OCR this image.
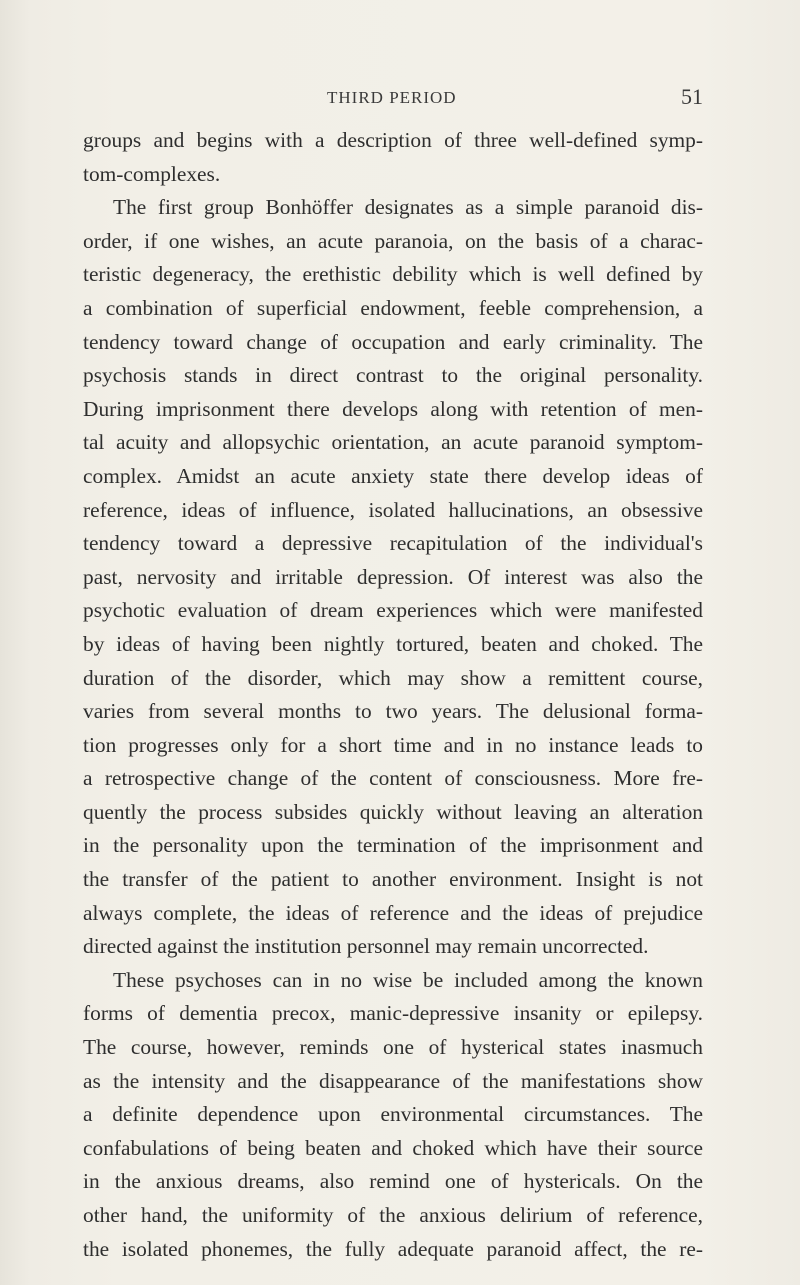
THIRD PERIOD	51
groups and begins with a description of three well-defined symp-
tom-complexes.
The first group Bonhöffer designates as a simple paranoid dis-
order, if one wishes, an acute paranoia, on the basis of a charac-
teristic degeneracy, the erethistic debility which is well defined by
a combination of superficial endowment, feeble comprehension, a
tendency toward change of occupation and early criminality. The
psychosis stands in direct contrast to the original personality.
During imprisonment there develops along with retention of men-
tal acuity and allopsychic orientation, an acute paranoid symptom-
complex. Amidst an acute anxiety state there develop ideas of
reference, ideas of influence, isolated hallucinations, an obsessive
tendency toward a depressive recapitulation of the individual's
past, nervosity and irritable depression. Of interest was also the
psychotic evaluation of dream experiences which were manifested
by ideas of having been nightly tortured, beaten and choked. The
duration of the disorder, which may show a remittent course,
varies from several months to two years. The delusional forma-
tion progresses only for a short time and in no instance leads to
a retrospective change of the content of consciousness. More fre-
quently the process subsides quickly without leaving an alteration
in the personality upon the termination of the imprisonment and
the transfer of the patient to another environment. Insight is not
always complete, the ideas of reference and the ideas of prejudice
directed against the institution personnel may remain uncorrected.
These psychoses can in no wise be included among the known
forms of dementia precox, manic-depressive insanity or epilepsy.
The course, however, reminds one of hysterical states inasmuch
as the intensity and the disappearance of the manifestations show
a definite dependence upon environmental circumstances. The
confabulations of being beaten and choked which have their source
in the anxious dreams, also remind one of hystericals. On the
other hand, the uniformity of the anxious delirium of reference,
the isolated phonemes, the fully adequate paranoid affect, the re-
